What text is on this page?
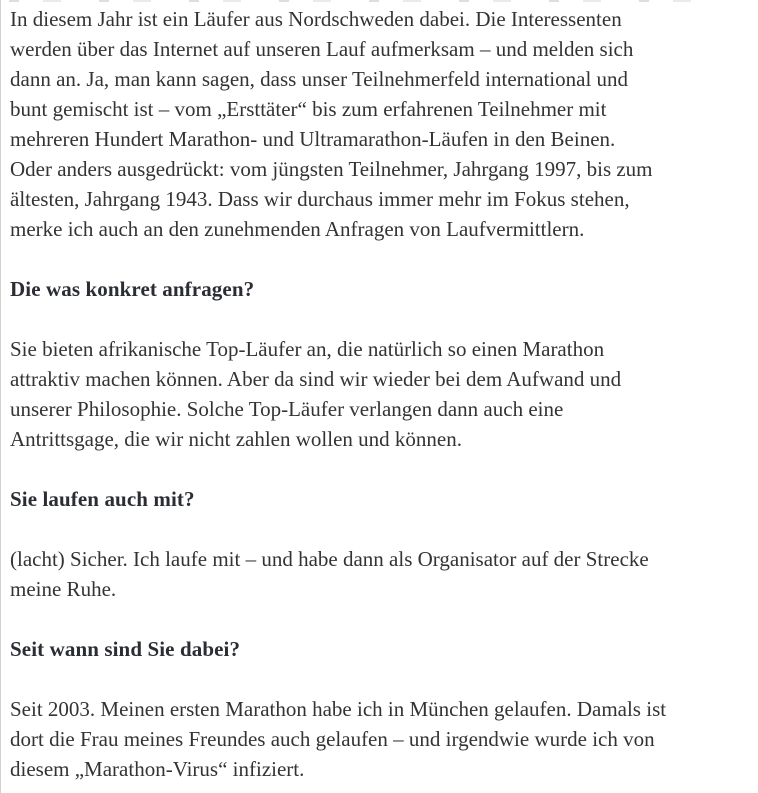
In diesem Jahr ist ein Läufer aus Nordschweden dabei. Die Interessenten werden über das Internet auf unseren Lauf aufmerksam – und melden sich dann an. Ja, man kann sagen, dass unser Teilnehmerfeld international und bunt gemischt ist – vom „Ersttäter“ bis zum erfahrenen Teilnehmer mit mehreren Hundert Marathon- und Ultramarathon-Läufen in den Beinen. Oder anders ausgedrückt: vom jüngsten Teilnehmer, Jahrgang 1997, bis zum ältesten, Jahrgang 1943. Dass wir durchaus immer mehr im Fokus stehen, merke ich auch an den zunehmenden Anfragen von Laufvermittlern.

Die was konkret anfragen?

Sie bieten afrikanische Top-Läufer an, die natürlich so einen Marathon attraktiv machen können. Aber da sind wir wieder bei dem Aufwand und unserer Philosophie. Solche Top-Läufer verlangen dann auch eine Antrittsgage, die wir nicht zahlen wollen und können.

Sie laufen auch mit?

(lacht) Sicher. Ich laufe mit – und habe dann als Organisator auf der Strecke meine Ruhe.

Seit wann sind Sie dabei?

Seit 2003. Meinen ersten Marathon habe ich in München gelaufen. Damals ist dort die Frau meines Freundes auch gelaufen – und irgendwie wurde ich von diesem „Marathon-Virus“ infiziert.
